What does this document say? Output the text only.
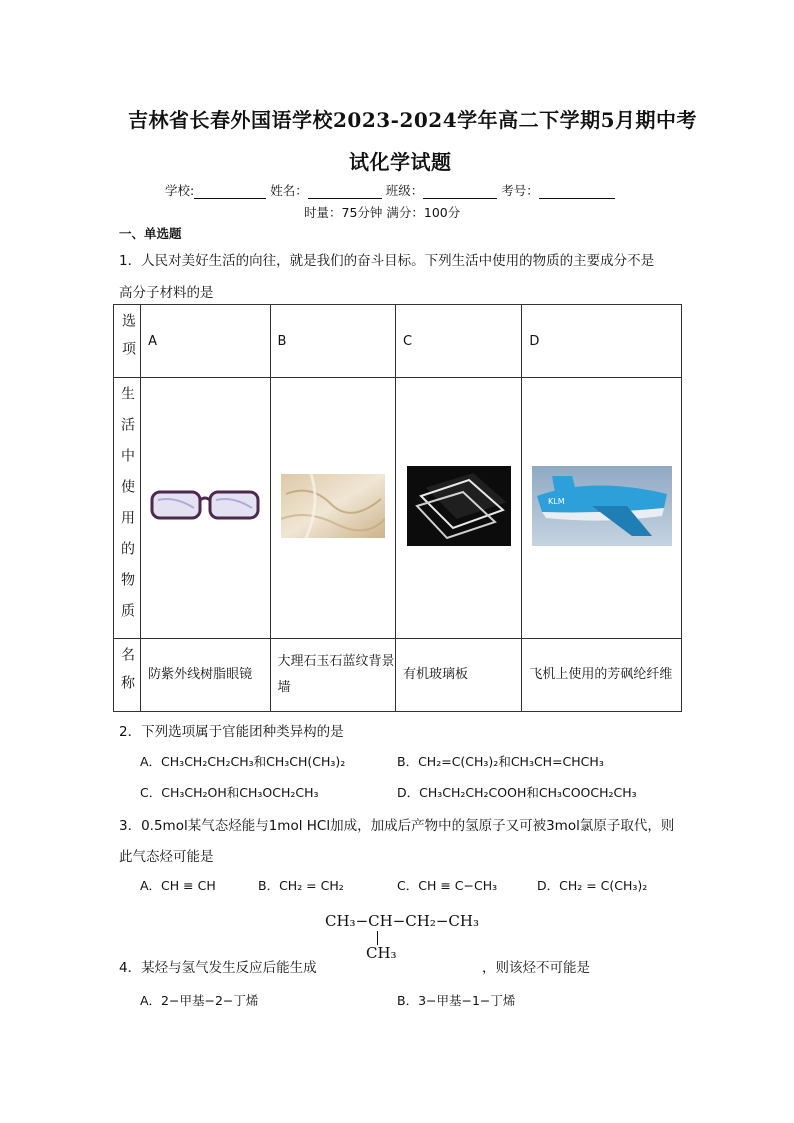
吉林省长春外国语学校2023-2024学年高二下学期5月期中考
试化学试题
学校:	姓名：	班级：	考号：
时量：75分钟 满分：100分
一、单选题
1．人民对美好生活的向往，就是我们的奋斗目标。下列生活中使用的物质的主要成分不是
高分子材料的是
选项	A	B	C	D

生活中使用的物质				KLM

名称	防紫外线树脂眼镜	大理石玉石蓝纹背景墙	有机玻璃板	飞机上使用的芳砜纶纤维
2．下列选项属于官能团种类异构的是
A．CH₃CH₂CH₂CH₃和CH₃CH(CH₃)₂	B．CH₂=C(CH₃)₂和CH₃CH=CHCH₃
C．CH₃CH₂OH和CH₃OCH₂CH₃	D．CH₃CH₂CH₂COOH和CH₃COOCH₂CH₃
3．0.5mol某气态烃能与1mol HCl加成，加成后产物中的氢原子又可被3mol氯原子取代，则
此气态烃可能是
A．CH ≡ CH	B．CH₂ = CH₂	C．CH ≡ C−CH₃	D．CH₂ = C(CH₃)₂
CH₃−CH−CH₂−CH₃
CH₃
4．某烃与氢气发生反应后能生成	，则该烃不可能是
A．2−甲基−2−丁烯	B．3−甲基−1−丁烯
